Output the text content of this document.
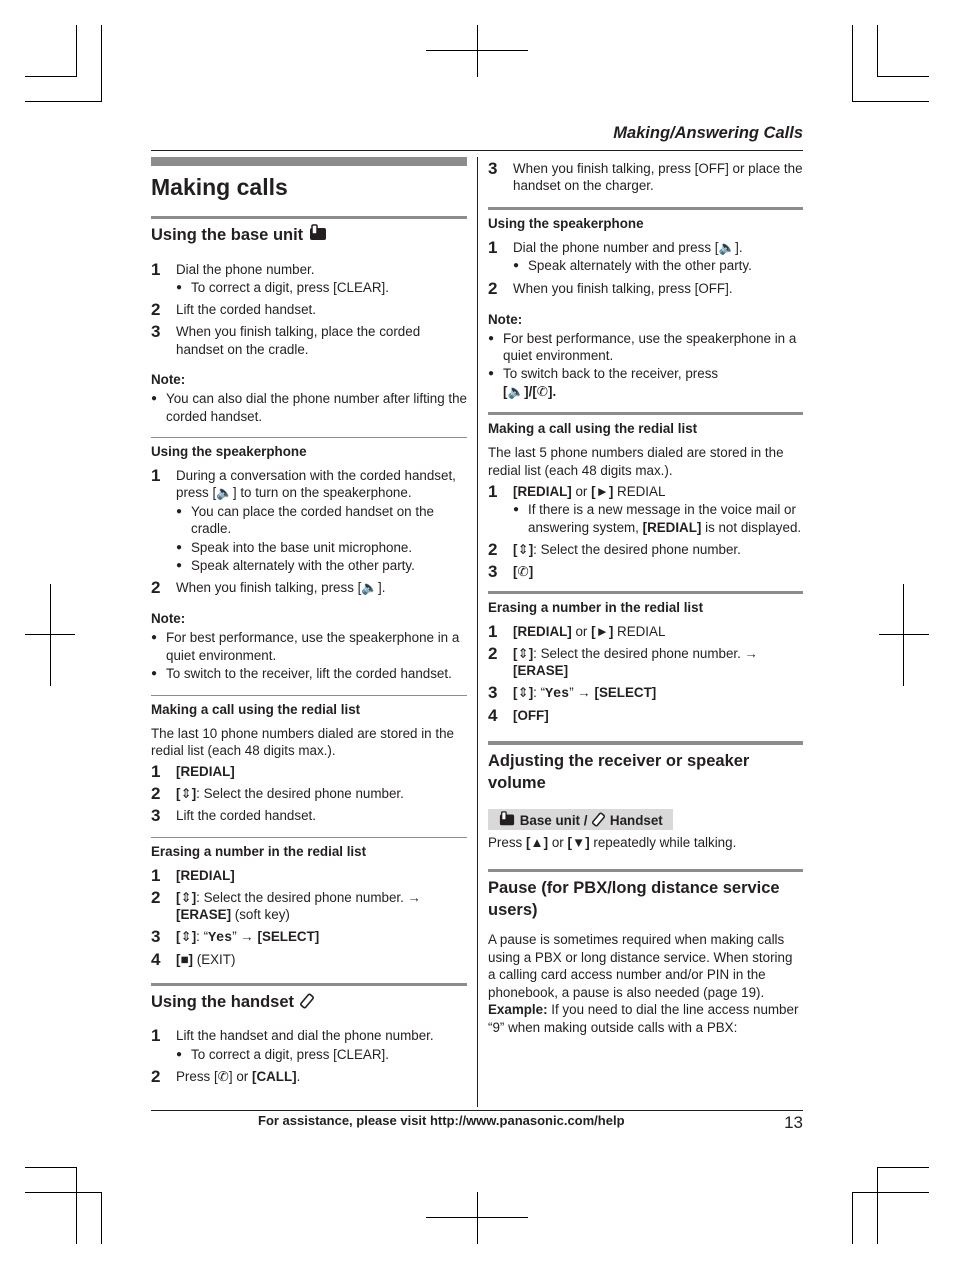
Making/Answering Calls
Making calls
Using the base unit
1	Dial the phone number.

● To correct a digit, press [CLEAR].
2	Lift the corded handset.
3	When you finish talking, place the corded handset on the cradle.
Note:
● You can also dial the phone number after lifting the corded handset.
Using the speakerphone
1	During a conversation with the corded handset, press [🔈] to turn on the speakerphone.

● You can place the corded handset on the cradle.
● Speak into the base unit microphone.
● Speak alternately with the other party.
2	When you finish talking, press [🔈].
Note:
● For best performance, use the speakerphone in a quiet environment.
● To switch to the receiver, lift the corded handset.
Making a call using the redial list

The last 10 phone numbers dialed are stored in the redial list (each 48 digits max.).

1	[REDIAL]
2	[⇕]: Select the desired phone number.
3	Lift the corded handset.
Erasing a number in the redial list
1	[REDIAL]
2	[⇕]: Select the desired phone number. →
[ERASE] (soft key)
3	[⇕]: “Yes” → [SELECT]
4	[■] (EXIT)
Using the handset
1	Lift the handset and dial the phone number.

● To correct a digit, press [CLEAR].
2	Press [✆] or [CALL].
3	When you finish talking, press [OFF] or place the handset on the charger.
Using the speakerphone
1	Dial the phone number and press [🔈].

● Speak alternately with the other party.
2	When you finish talking, press [OFF].
Note:
● For best performance, use the speakerphone in a quiet environment.
● To switch back to the receiver, press
[🔈]/[✆].
Making a call using the redial list

The last 5 phone numbers dialed are stored in the redial list (each 48 digits max.).

1	[REDIAL] or [►] REDIAL

● If there is a new message in the voice mail or answering system, [REDIAL] is not displayed.
2	[⇕]: Select the desired phone number.
3	[✆]
Erasing a number in the redial list
1	[REDIAL] or [►] REDIAL
2	[⇕]: Select the desired phone number. →
[ERASE]
3	[⇕]: “Yes” → [SELECT]
4	[OFF]
Adjusting the receiver or speaker volume
Base unit /  Handset

Press [▲] or [▼] repeatedly while talking.

Pause (for PBX/long distance service users)

A pause is sometimes required when making calls using a PBX or long distance service. When storing a calling card access number and/or PIN in the phonebook, a pause is also needed (page 19).

Example: If you need to dial the line access number “9” when making outside calls with a PBX:

For assistance, please visit http://www.panasonic.com/help	13
